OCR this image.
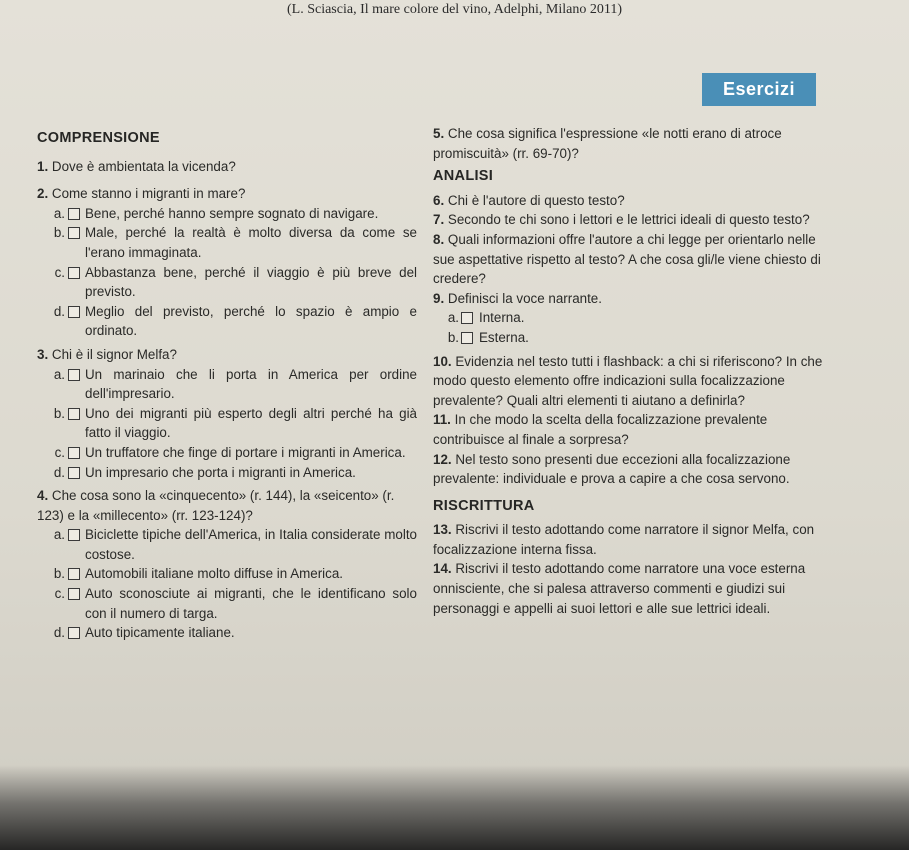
(L. Sciascia, Il mare colore del vino, Adelphi, Milano 2011)
Esercizi

COMPRENSIONE

1. Dove è ambientata la vicenda?

2. Come stanno i migranti in mare?

a.	Bene, perché hanno sempre sognato di navigare.
b.	Male, perché la realtà è molto diversa da come se l'erano immaginata.
c.	Abbastanza bene, perché il viaggio è più breve del previsto.
d.	Meglio del previsto, perché lo spazio è ampio e ordinato.

3. Chi è il signor Melfa?

a.	Un marinaio che li porta in America per ordine dell'impresario.
b.	Uno dei migranti più esperto degli altri perché ha già fatto il viaggio.
c.	Un truffatore che finge di portare i migranti in America.
d.	Un impresario che porta i migranti in America.

4. Che cosa sono la «cinquecento» (r. 144), la «seicento» (r. 123) e la «millecento» (rr. 123-124)?

a.	Biciclette tipiche dell'America, in Italia considerate molto costose.
b.	Automobili italiane molto diffuse in America.
c.	Auto sconosciute ai migranti, che le identificano solo con il numero di targa.
d.	Auto tipicamente italiane.

5. Che cosa significa l'espressione «le notti erano di atroce promiscuità» (rr. 69-70)?

ANALISI

6. Chi è l'autore di questo testo?

7. Secondo te chi sono i lettori e le lettrici ideali di questo testo?

8. Quali informazioni offre l'autore a chi legge per orientarlo nelle sue aspettative rispetto al testo? A che cosa gli/le viene chiesto di credere?

9. Definisci la voce narrante.

a.	Interna.
b.	Esterna.

10. Evidenzia nel testo tutti i flashback: a chi si riferiscono? In che modo questo elemento offre indicazioni sulla focalizzazione prevalente? Quali altri elementi ti aiutano a definirla?

11. In che modo la scelta della focalizzazione prevalente contribuisce al finale a sorpresa?

12. Nel testo sono presenti due eccezioni alla focalizzazione prevalente: individuale e prova a capire a che cosa servono.

RISCRITTURA

13. Riscrivi il testo adottando come narratore il signor Melfa, con focalizzazione interna fissa.

14. Riscrivi il testo adottando come narratore una voce esterna onnisciente, che si palesa attraverso commenti e giudizi sui personaggi e appelli ai suoi lettori e alle sue lettrici ideali.
